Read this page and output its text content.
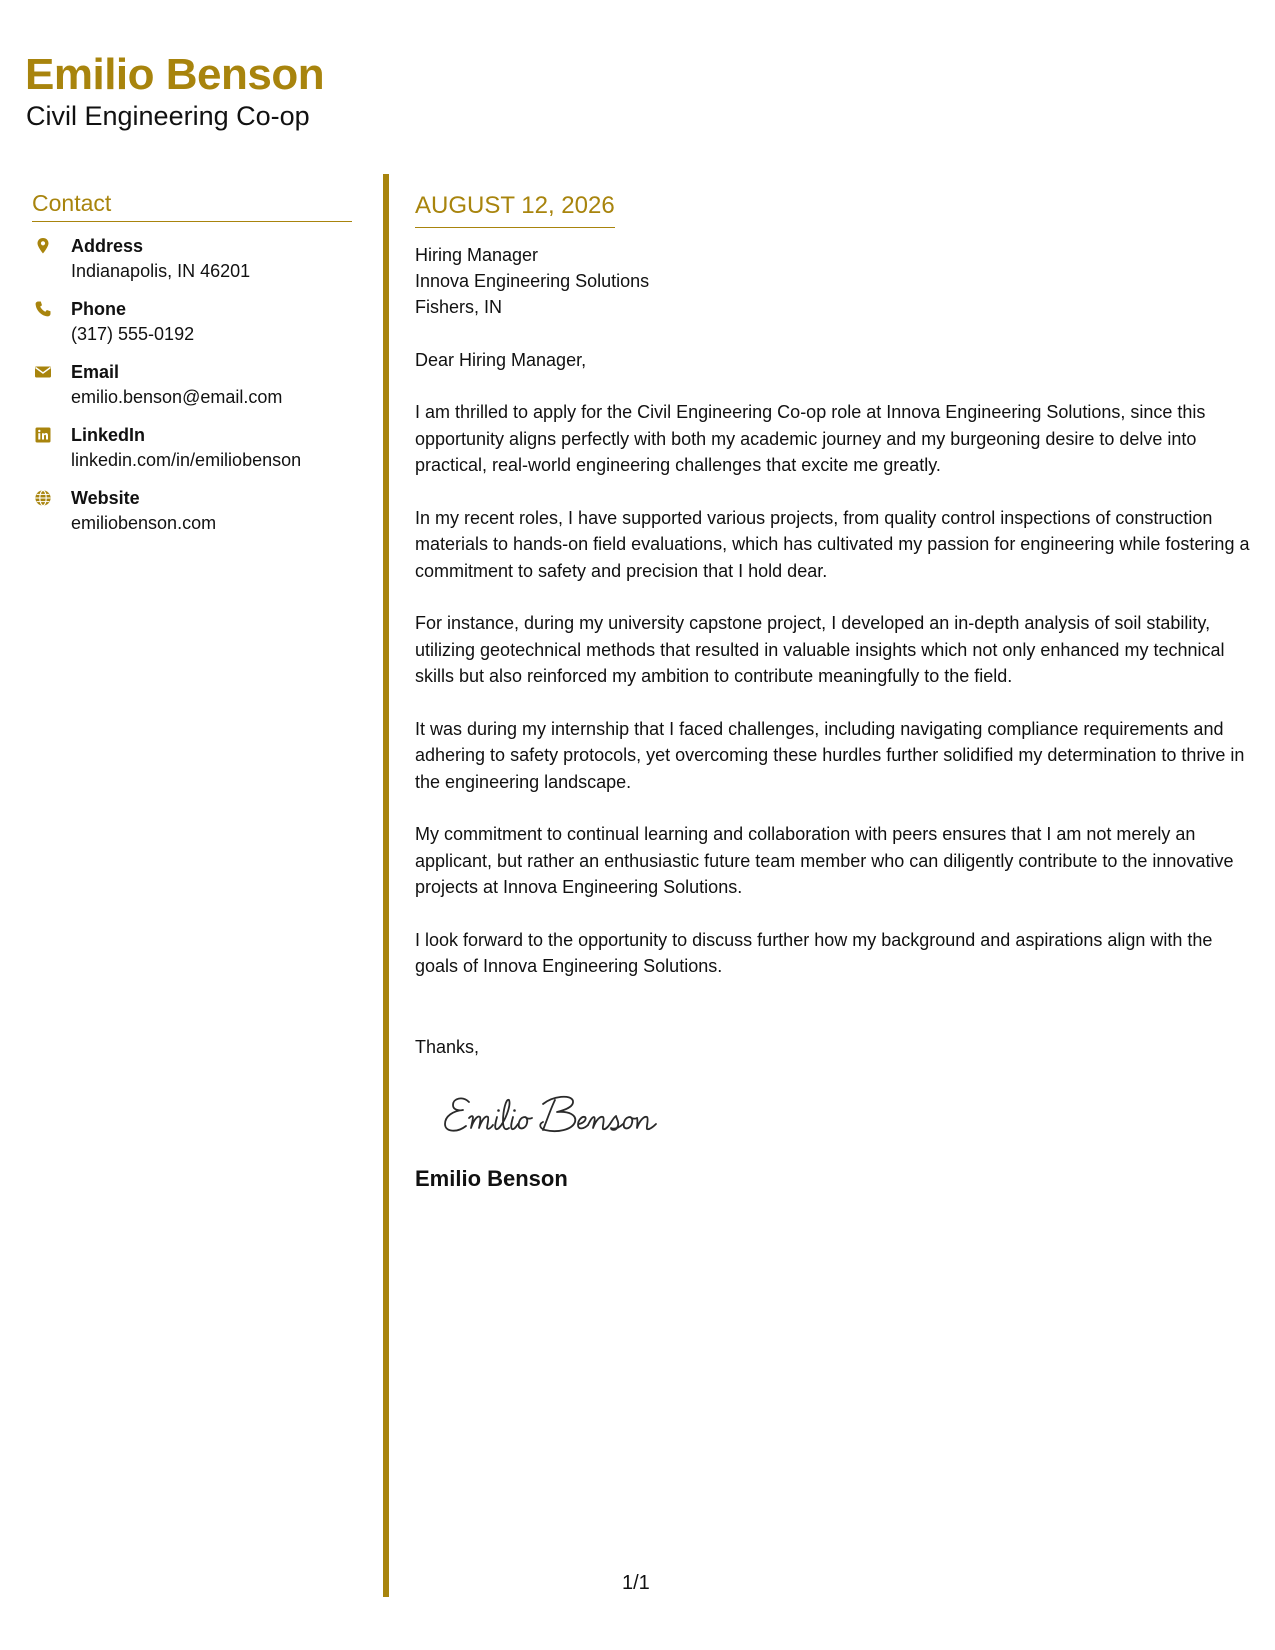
Emilio Benson
Civil Engineering Co-op
Contact
Address
Indianapolis, IN 46201
Phone
(317) 555-0192
Email
emilio.benson@email.com
LinkedIn
linkedin.com/in/emiliobenson
Website
emiliobenson.com
AUGUST 12, 2026
Hiring Manager
Innova Engineering Solutions
Fishers, IN
Dear Hiring Manager,

I am thrilled to apply for the Civil Engineering Co-op role at Innova Engineering Solutions, since this opportunity aligns perfectly with both my academic journey and my burgeoning desire to delve into practical, real-world engineering challenges that excite me greatly.

In my recent roles, I have supported various projects, from quality control inspections of construction materials to hands-on field evaluations, which has cultivated my passion for engineering while fostering a commitment to safety and precision that I hold dear.

For instance, during my university capstone project, I developed an in-depth analysis of soil stability, utilizing geotechnical methods that resulted in valuable insights which not only enhanced my technical skills but also reinforced my ambition to contribute meaningfully to the field.

It was during my internship that I faced challenges, including navigating compliance requirements and adhering to safety protocols, yet overcoming these hurdles further solidified my determination to thrive in the engineering landscape.

My commitment to continual learning and collaboration with peers ensures that I am not merely an applicant, but rather an enthusiastic future team member who can diligently contribute to the innovative projects at Innova Engineering Solutions.

I look forward to the opportunity to discuss further how my background and aspirations align with the goals of Innova Engineering Solutions.

Thanks,
Emilio Benson
1/1
